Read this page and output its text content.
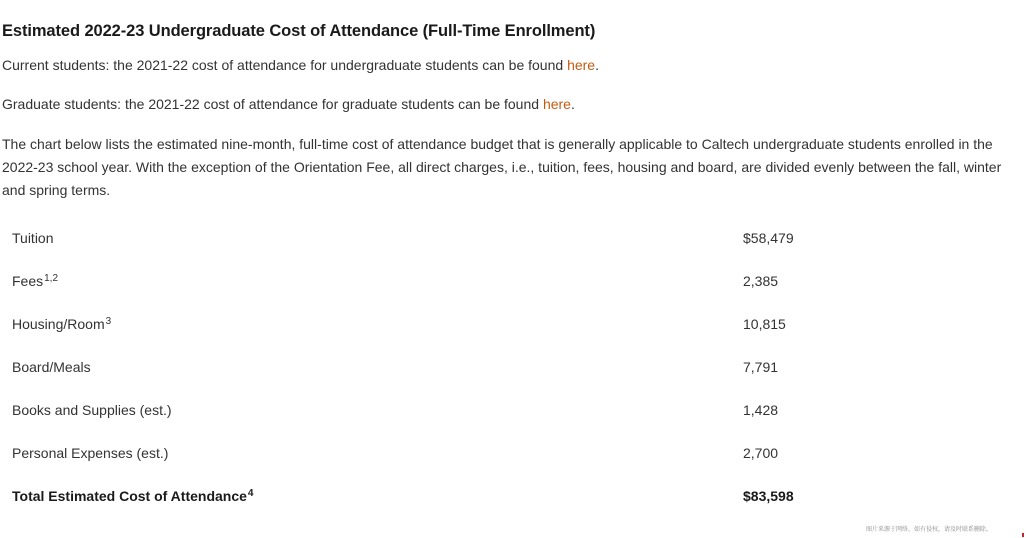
Estimated 2022-23 Undergraduate Cost of Attendance (Full-Time Enrollment)

Current students: the 2021-22 cost of attendance for undergraduate students can be found here.

Graduate students: the 2021-22 cost of attendance for graduate students can be found here.

The chart below lists the estimated nine-month, full-time cost of attendance budget that is generally applicable to Caltech undergraduate students enrolled in the 2022-23 school year. With the exception of the Orientation Fee, all direct charges, i.e., tuition, fees, housing and board, are divided evenly between the fall, winter and spring terms.

Tuition	$58,479
Fees$^{1,2}$	2,385
Housing/Room$^3$	10,815
Board/Meals	7,791
Books and Supplies (est.)	1,428
Personal Expenses (est.)	2,700
Total Estimated Cost of Attendance$^4$	$83,598
图片来源于网络，如有侵权，请及时联系删除。
